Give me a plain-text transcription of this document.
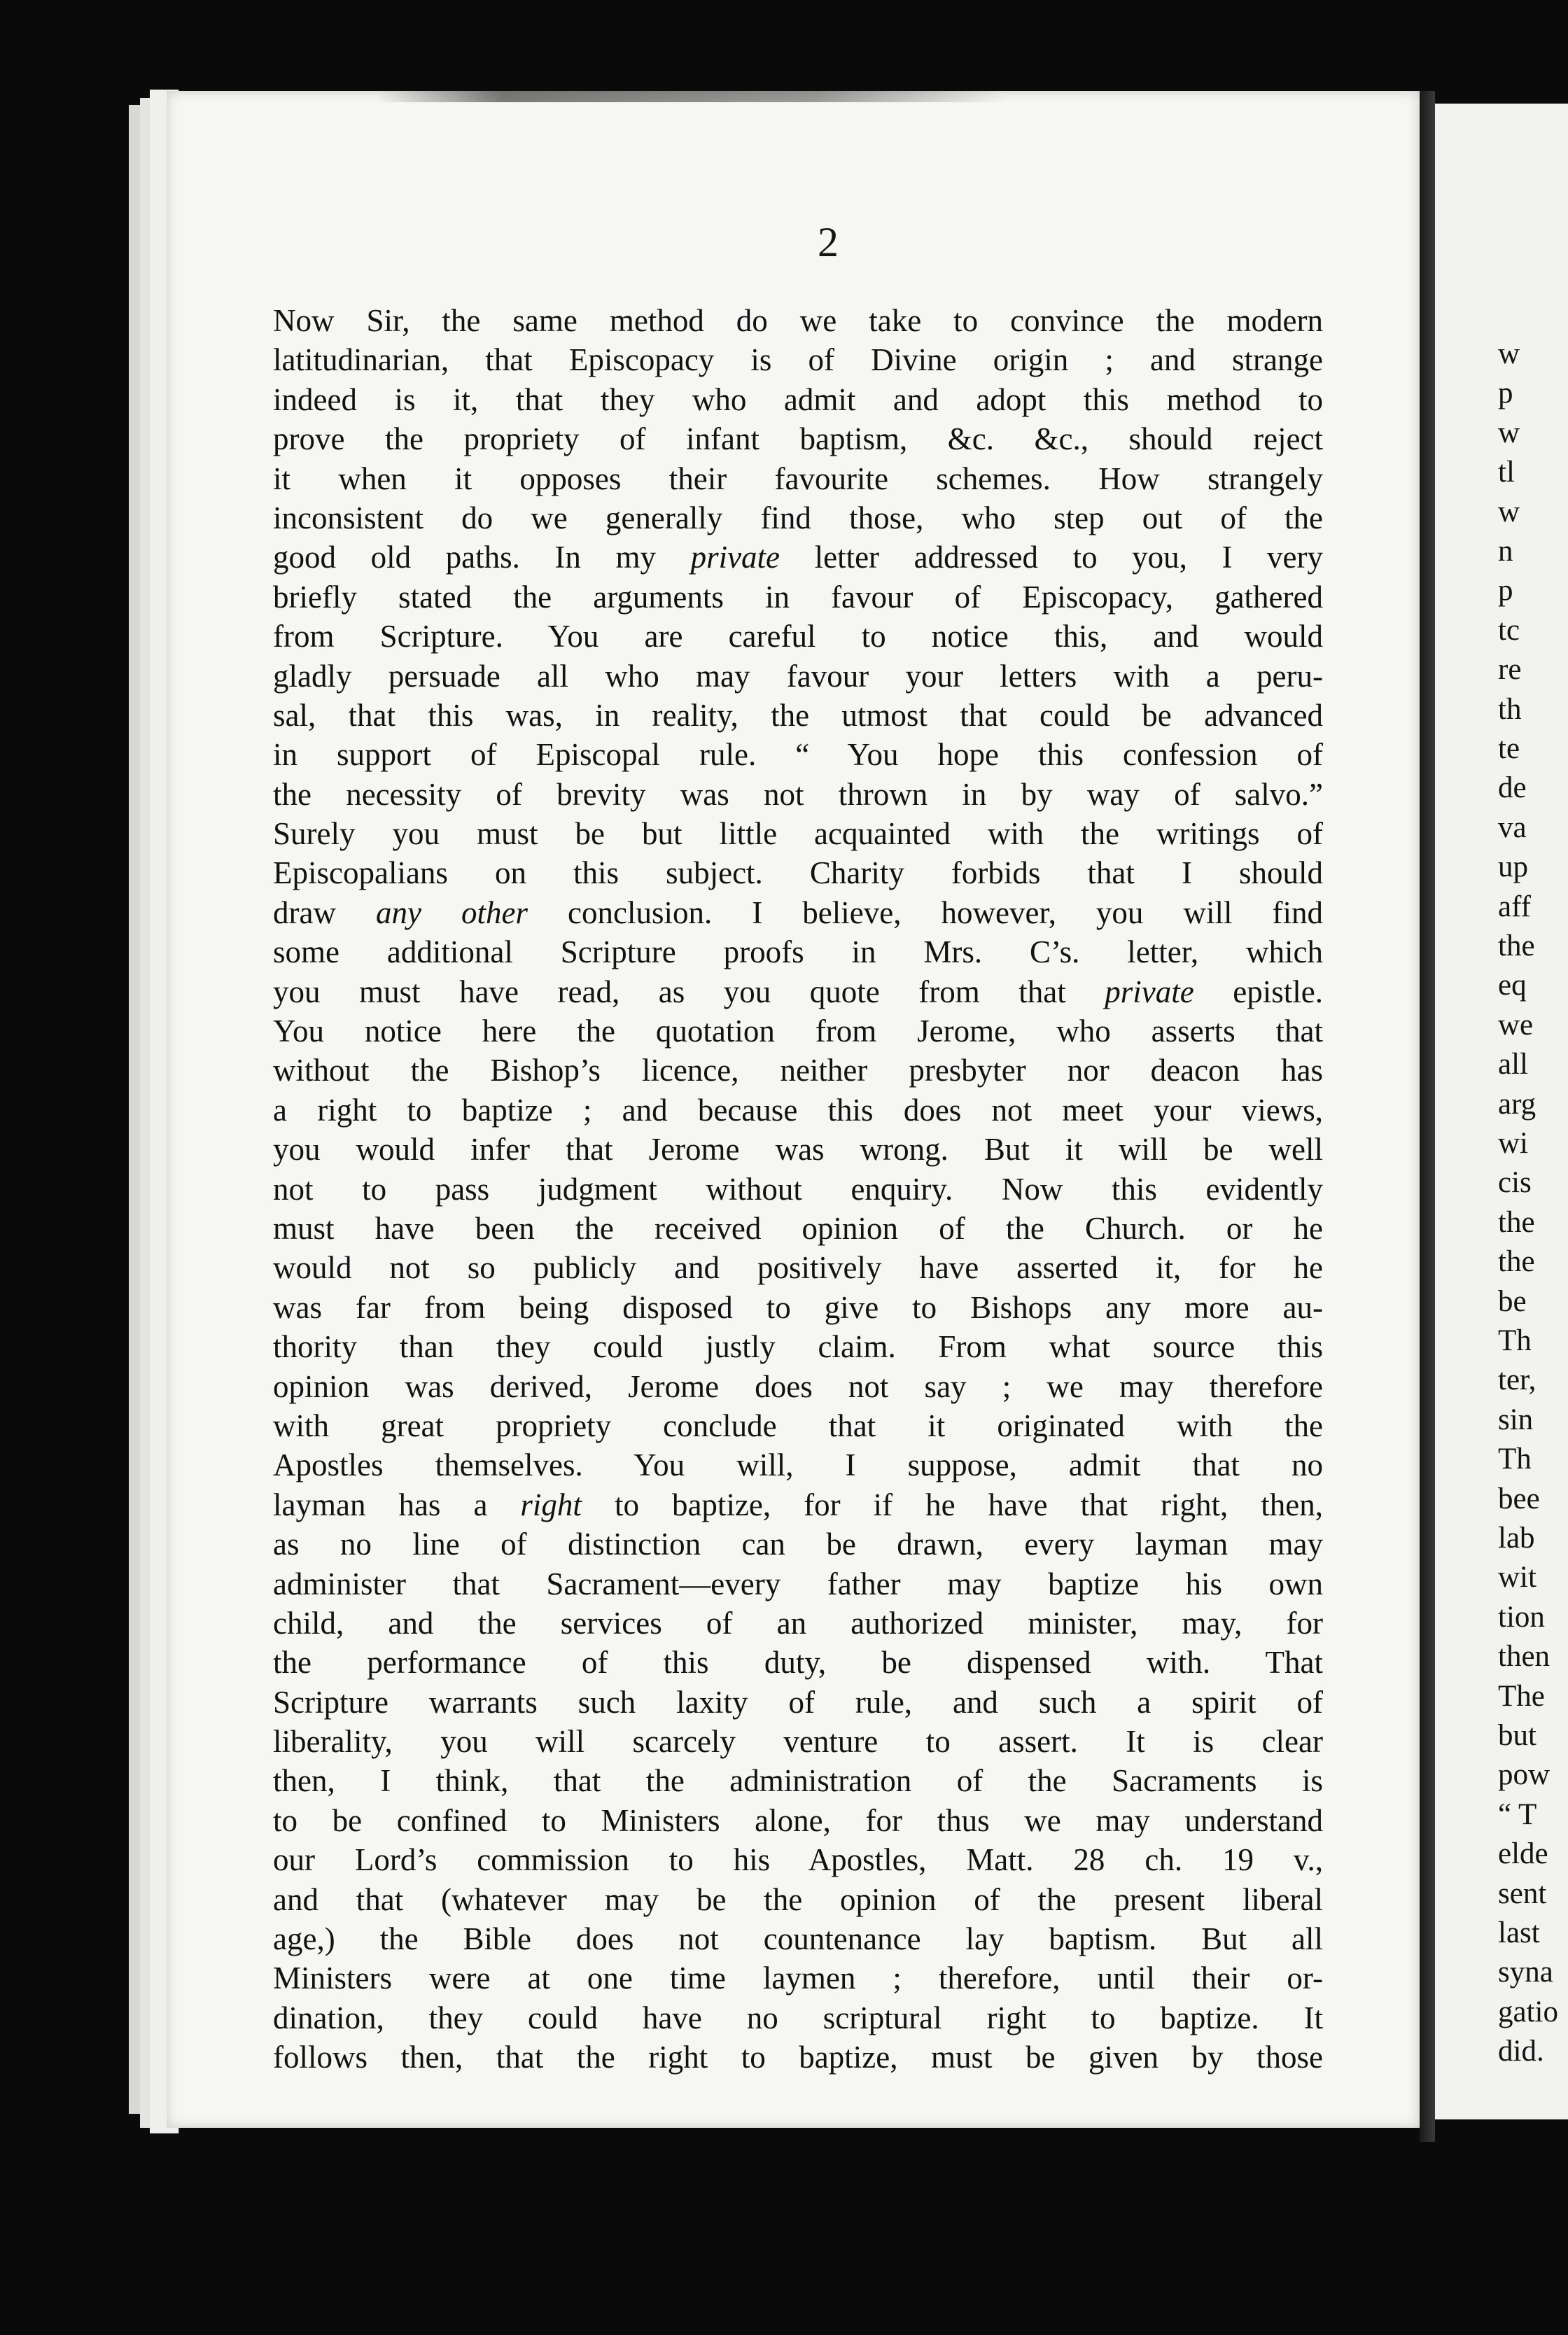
2
Now Sir, the same method do we take to convince the modern
latitudinarian, that Episcopacy is of Divine origin ; and strange
indeed is it, that they who admit and adopt this method to
prove the propriety of infant baptism, &c. &c., should reject
it when it opposes their favourite schemes. How strangely
inconsistent do we generally find those, who step out of the
good old paths. In my private letter addressed to you, I very
briefly stated the arguments in favour of Episcopacy, gathered
from Scripture. You are careful to notice this, and would
gladly persuade all who may favour your letters with a peru-
sal, that this was, in reality, the utmost that could be advanced
in support of Episcopal rule. “ You hope this confession of
the necessity of brevity was not thrown in by way of salvo.”
Surely you must be but little acquainted with the writings of
Episcopalians on this subject. Charity forbids that I should
draw any other conclusion. I believe, however, you will find
some additional Scripture proofs in Mrs. C’s. letter, which
you must have read, as you quote from that private epistle.
You notice here the quotation from Jerome, who asserts that
without the Bishop’s licence, neither presbyter nor deacon has
a right to baptize ; and because this does not meet your views,
you would infer that Jerome was wrong. But it will be well
not to pass judgment without enquiry. Now this evidently
must have been the received opinion of the Church. or he
would not so publicly and positively have asserted it, for he
was far from being disposed to give to Bishops any more au-
thority than they could justly claim. From what source this
opinion was derived, Jerome does not say ; we may therefore
with great propriety conclude that it originated with the
Apostles themselves. You will, I suppose, admit that no
layman has a right to baptize, for if he have that right, then,
as no line of distinction can be drawn, every layman may
administer that Sacrament—every father may baptize his own
child, and the services of an authorized minister, may, for
the performance of this duty, be dispensed with. That
Scripture warrants such laxity of rule, and such a spirit of
liberality, you will scarcely venture to assert. It is clear
then, I think, that the administration of the Sacraments is
to be confined to Ministers alone, for thus we may understand
our Lord’s commission to his Apostles, Matt. 28 ch. 19 v.,
and that (whatever may be the opinion of the present liberal
age,) the Bible does not countenance lay baptism. But all
Ministers were at one time laymen ; therefore, until their or-
dination, they could have no scriptural right to baptize. It
follows then, that the right to baptize, must be given by those
w
p
w
tl
w
n
p
tc
re
th
te
de
va
up
aff
the
eq
we
all
arg
wi
cis
the
the
be
Th
ter,
sin
Th
bee
lab
wit
tion
then
The
but
pow
“ T
elde
sent
last
syna
gatio
did.
